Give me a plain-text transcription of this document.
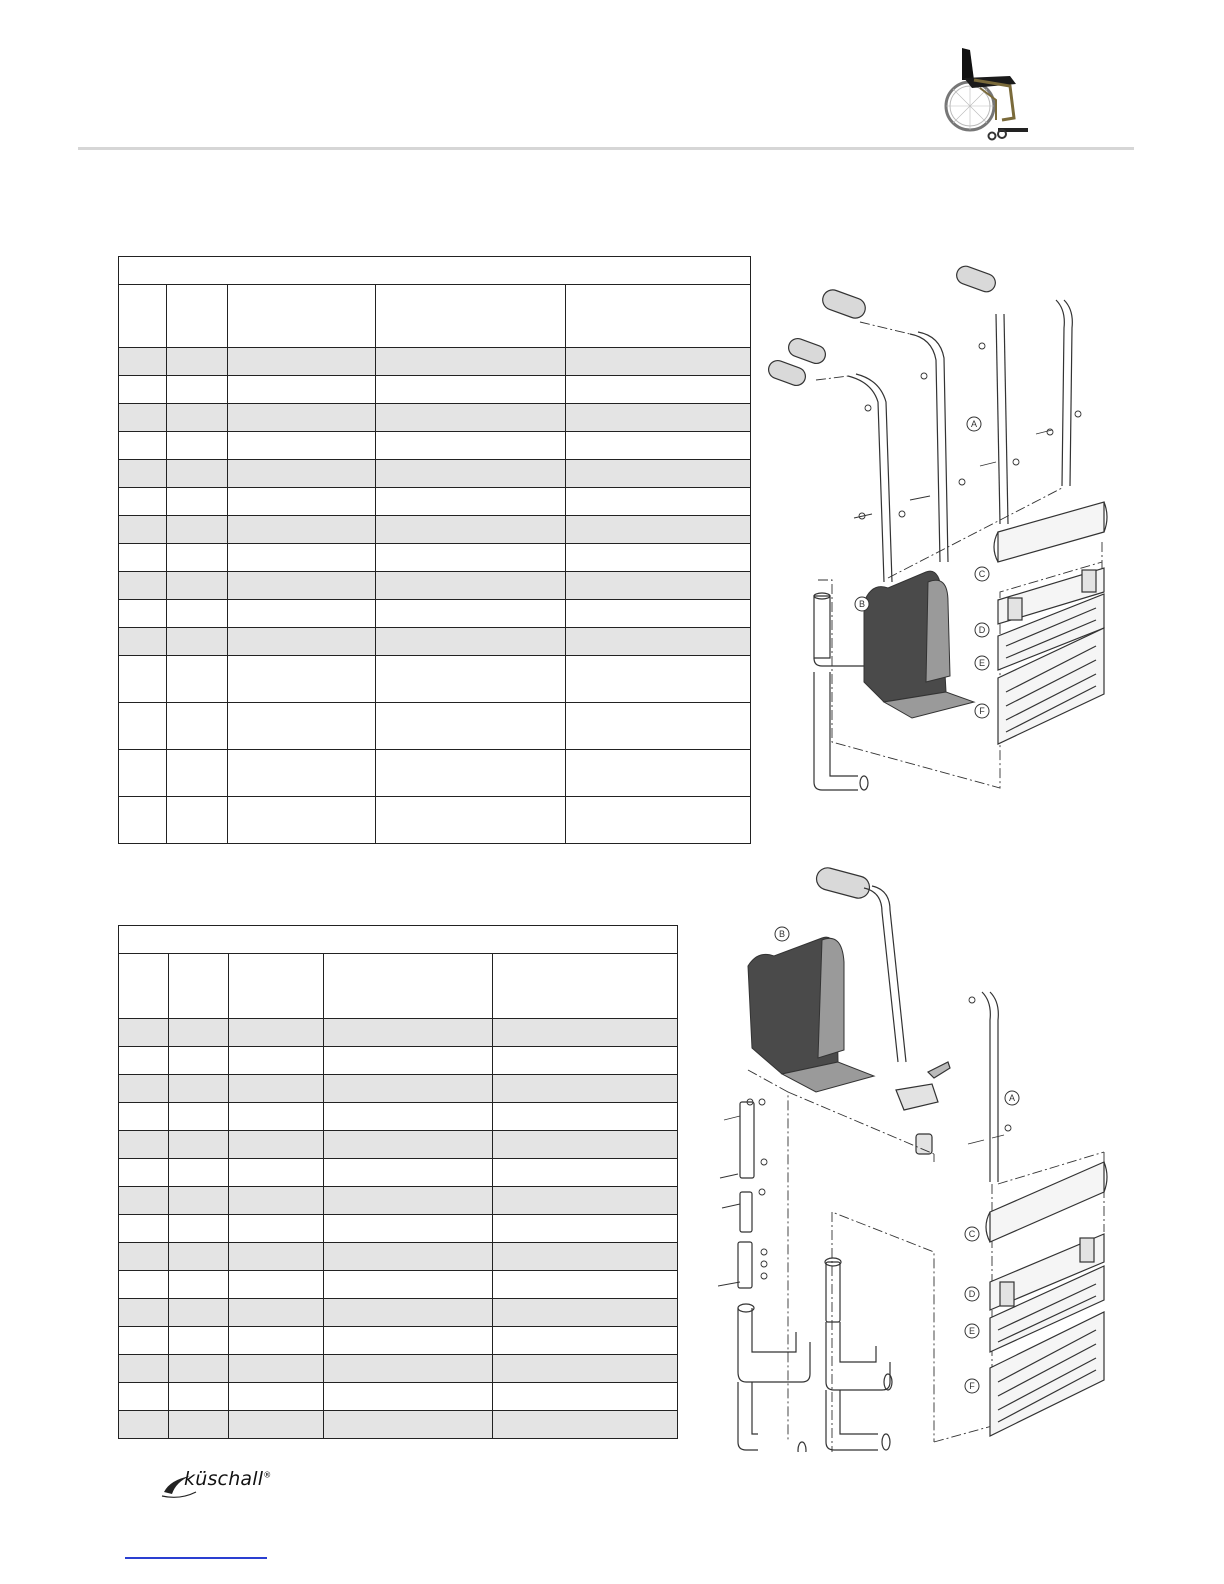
A
B
C
D
E
F
A
B
C
D
E
F
küschall®
